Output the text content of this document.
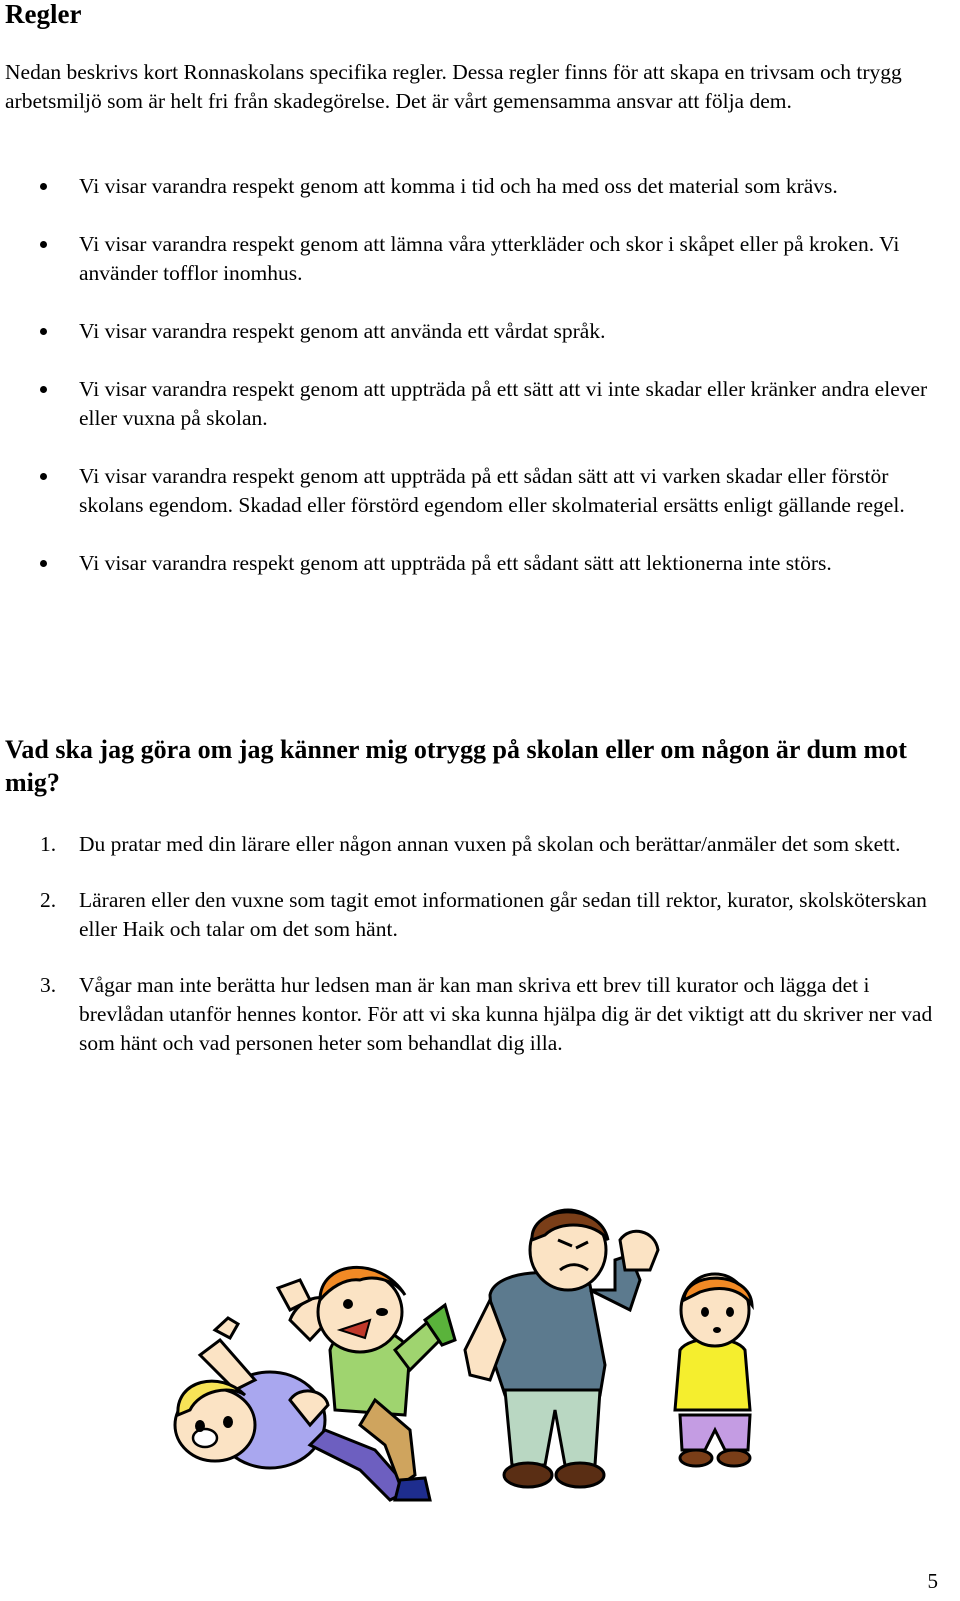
Regler

Nedan beskrivs kort Ronnaskolans specifika regler. Dessa regler finns för att skapa en trivsam och trygg arbetsmiljö som är helt fri från skadegörelse. Det är vårt gemensamma ansvar att följa dem.

Vi visar varandra respekt genom att komma i tid och ha med oss det material som krävs.
Vi visar varandra respekt genom att lämna våra ytterkläder och skor i skåpet eller på kroken. Vi använder tofflor inomhus.
Vi visar varandra respekt genom att använda ett vårdat språk.
Vi visar varandra respekt genom att uppträda på ett sätt att vi inte skadar eller kränker andra elever eller vuxna på skolan.
Vi visar varandra respekt genom att uppträda på ett sådan sätt att vi varken skadar eller förstör skolans egendom. Skadad eller förstörd egendom eller skolmaterial ersätts enligt gällande regel.
Vi visar varandra respekt genom att uppträda på ett sådant sätt att lektionerna inte störs.
Vad ska jag göra om jag känner mig otrygg på skolan eller om någon är dum mot mig?
1. Du pratar med din lärare eller någon annan vuxen på skolan och berättar/anmäler det som skett.
2. Läraren eller den vuxne som tagit emot informationen går sedan till rektor, kurator, skolsköterskan eller Haik och talar om det som hänt.
3. Vågar man inte berätta hur ledsen man är kan man skriva ett brev till kurator och lägga det i brevlådan utanför hennes kontor. För att vi ska kunna hjälpa dig är det viktigt att du skriver ner vad som hänt och vad personen heter som behandlat dig illa.
5
